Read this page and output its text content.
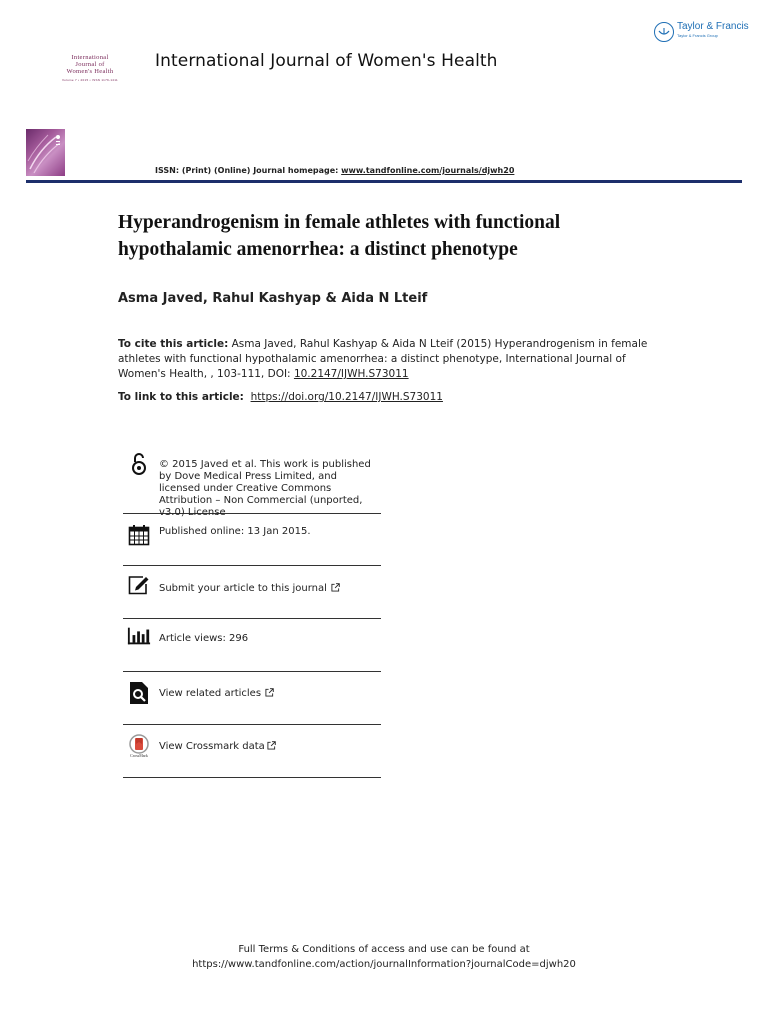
Taylor & Francis
Taylor & Francis Group
International
Journal of
Women's Health
Volume 7 • 2015 • ISSN 1179-1411
International Journal of Women's Health
ISSN: (Print) (Online) Journal homepage: www.tandfonline.com/journals/djwh20
Hyperandrogenism in female athletes with functional
hypothalamic amenorrhea: a distinct phenotype
Asma Javed, Rahul Kashyap & Aida N Lteif
To cite this article: Asma Javed, Rahul Kashyap & Aida N Lteif (2015) Hyperandrogenism in female athletes with functional hypothalamic amenorrhea: a distinct phenotype, International Journal of Women's Health, , 103-111, DOI: 10.2147/IJWH.S73011
To link to this article: https://doi.org/10.2147/IJWH.S73011
© 2015 Javed et al. This work is published by Dove Medical Press Limited, and licensed under Creative Commons Attribution – Non Commercial (unported, v3.0) License
Published online: 13 Jan 2015.
Submit your article to this journal
Article views: 296
View related articles
CrossMark
View Crossmark data
Full Terms & Conditions of access and use can be found at
https://www.tandfonline.com/action/journalInformation?journalCode=djwh20
